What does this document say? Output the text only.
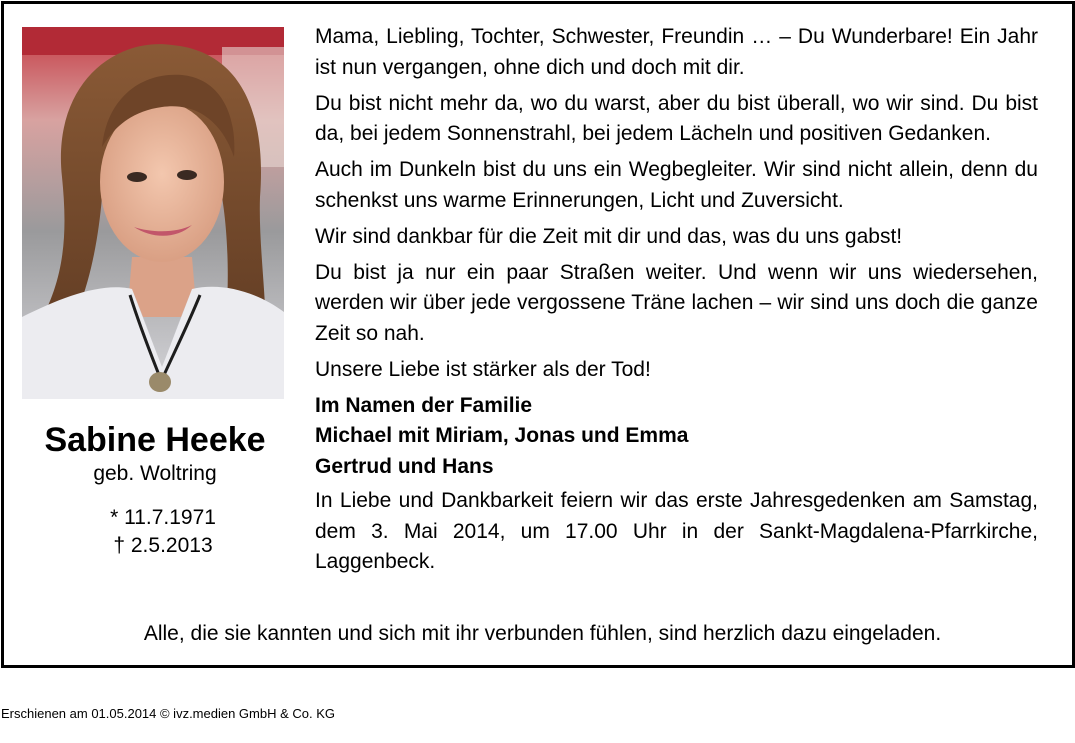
Sabine Heeke
geb. Woltring
* 11.7.1971
† 2.5.2013

Mama, Liebling, Tochter, Schwester, Freundin … – Du Wunderbare! Ein Jahr ist nun vergangen, ohne dich und doch mit dir.

Du bist nicht mehr da, wo du warst, aber du bist überall, wo wir sind. Du bist da, bei jedem Sonnenstrahl, bei jedem Lächeln und positiven Gedanken.

Auch im Dunkeln bist du uns ein Wegbegleiter. Wir sind nicht allein, denn du schenkst uns warme Erinnerungen, Licht und Zuversicht.

Wir sind dankbar für die Zeit mit dir und das, was du uns gabst!

Du bist ja nur ein paar Straßen weiter. Und wenn wir uns wiedersehen, werden wir über jede vergossene Träne lachen – wir sind uns doch die ganze Zeit so nah.

Unsere Liebe ist stärker als der Tod!

Im Namen der Familie
Michael mit Miriam, Jonas und Emma
Gertrud und Hans

In Liebe und Dankbarkeit feiern wir das erste Jahresgedenken am Samstag, dem 3. Mai 2014, um 17.00 Uhr in der Sankt-Magdalena-Pfarrkirche, Laggenbeck.

Alle, die sie kannten und sich mit ihr verbunden fühlen, sind herzlich dazu eingeladen.
Erschienen am 01.05.2014 © ivz.medien GmbH & Co. KG
